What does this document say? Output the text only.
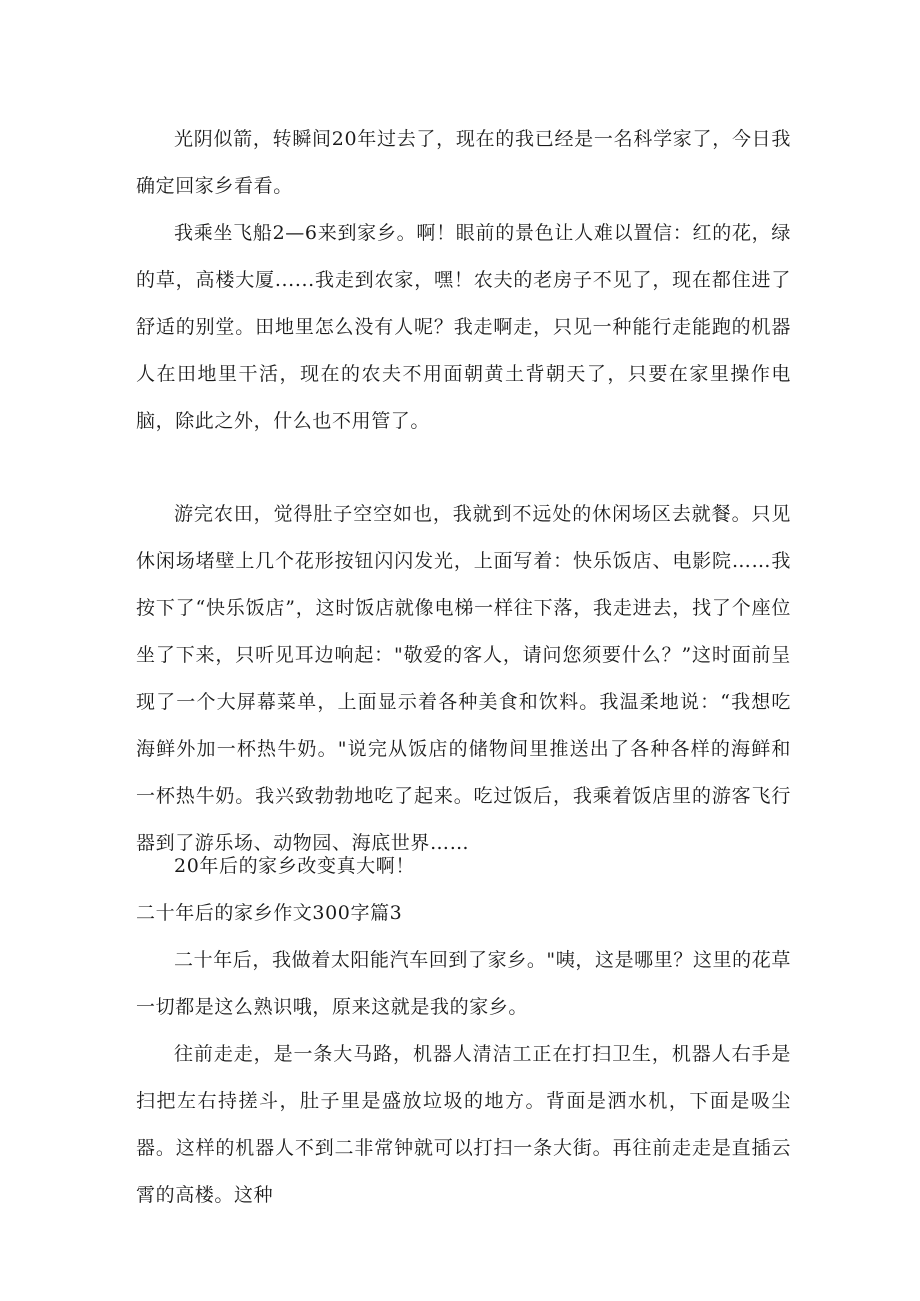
光阴似箭，转瞬间20年过去了，现在的我已经是一名科学家了，今日我确定回家乡看看。

我乘坐飞船2—6来到家乡。啊！眼前的景色让人难以置信：红的花，绿的草，高楼大厦......我走到农家，嘿！农夫的老房子不见了，现在都住进了舒适的别堂。田地里怎么没有人呢？我走啊走，只见一种能行走能跑的机器人在田地里干活，现在的农夫不用面朝黄土背朝天了，只要在家里操作电脑，除此之外，什么也不用管了。

游完农田，觉得肚子空空如也，我就到不远处的休闲场区去就餐。只见休闲场堵壁上几个花形按钮闪闪发光，上面写着：快乐饭店、电影院……我按下了“快乐饭店”，这时饭店就像电梯一样往下落，我走进去，找了个座位坐了下来，只听见耳边响起："敬爱的客人，请问您须要什么？”这时面前呈现了一个大屏幕菜单，上面显示着各种美食和饮料。我温柔地说：“我想吃海鲜外加一杯热牛奶。"说完从饭店的储物间里推送出了各种各样的海鲜和一杯热牛奶。我兴致勃勃地吃了起来。吃过饭后，我乘着饭店里的游客飞行器到了游乐场、动物园、海底世界……

20年后的家乡改变真大啊！

二十年后的家乡作文300字篇3

二十年后，我做着太阳能汽车回到了家乡。"咦，这是哪里？这里的花草一切都是这么熟识哦，原来这就是我的家乡。

往前走走，是一条大马路，机器人清洁工正在打扫卫生，机器人右手是扫把左右持搓斗，肚子里是盛放垃圾的地方。背面是洒水机，下面是吸尘器。这样的机器人不到二非常钟就可以打扫一条大街。再往前走走是直插云霄的高楼。这种
